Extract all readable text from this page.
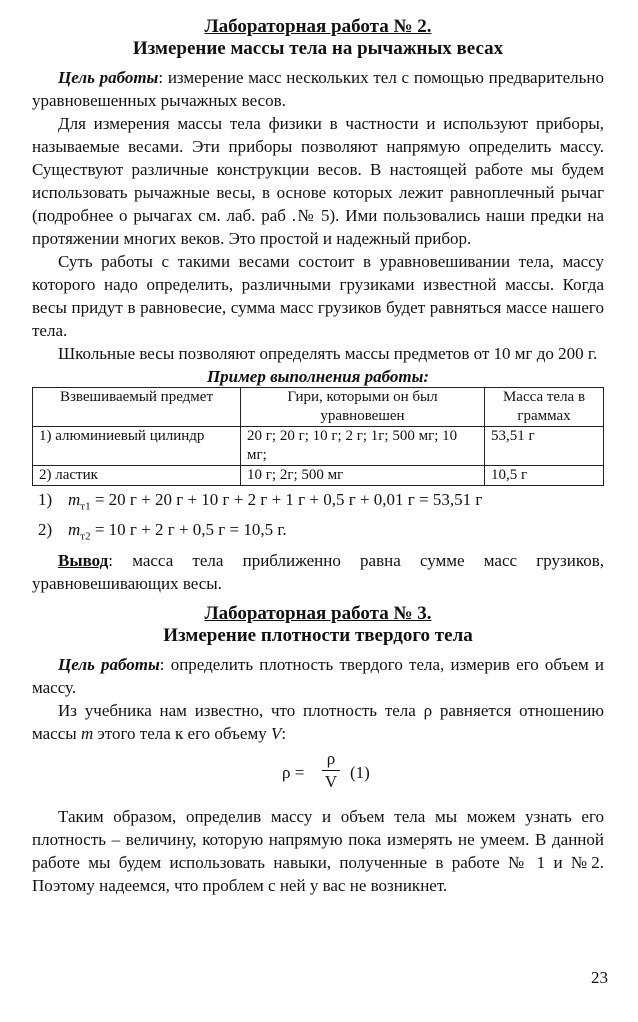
Лабораторная работа № 2.
Измерение массы тела на рычажных весах

Цель работы: измерение масс нескольких тел с помощью предварительно уравновешенных рычажных весов.

Для измерения массы тела физики в частности и используют приборы, называемые весами. Эти приборы позволяют напрямую определить массу. Существуют различные конструкции весов. В настоящей работе мы будем использовать рычажные весы, в основе которых лежит равноплечный рычаг (подробнее о рычагах см. лаб. раб .№ 5). Ими пользовались наши предки на протяжении многих веков. Это простой и надежный прибор.

Суть работы с такими весами состоит в уравновешивании тела, массу которого надо определить, различными грузиками известной массы. Когда весы придут в равновесие, сумма масс грузиков будет равняться массе нашего тела.

Школьные весы позволяют определять массы предметов от 10 мг до 200 г.

Пример выполнения работы:
Взвешиваемый предмет	Гири, которыми он был уравновешен	Масса тела в граммах
1) алюминиевый цилиндр	20 г; 20 г; 10 г; 2 г; 1г; 500 мг; 10 мг;	53,51 г
2) ластик	10 г; 2г; 500 мг	10,5 г
1) $m_{т1} = 20$ г + 20 г + 10 г + 2 г + 1 г + 0,5 г + 0,01 г = 53,51 г
2) $m_{т2} = 10$ г + 2 г + 0,5 г = 10,5 г.

Вывод: масса тела приближенно равна сумме масс грузиков, уравновешивающих весы.

Лабораторная работа № 3.
Измерение плотности твердого тела

Цель работы: определить плотность твердого тела, измерив его объем и массу.

Из учебника нам известно, что плотность тела ρ равняется отношению массы m этого тела к его объему V:

ρ =
ρ
V (1)

Таким образом, определив массу и объем тела мы можем узнать его плотность – величину, которую напрямую пока измерять не умеем. В данной работе мы будем использовать навыки, полученные в работе № 1 и №2. Поэтому надеемся, что проблем с ней у вас не возникнет.

23
